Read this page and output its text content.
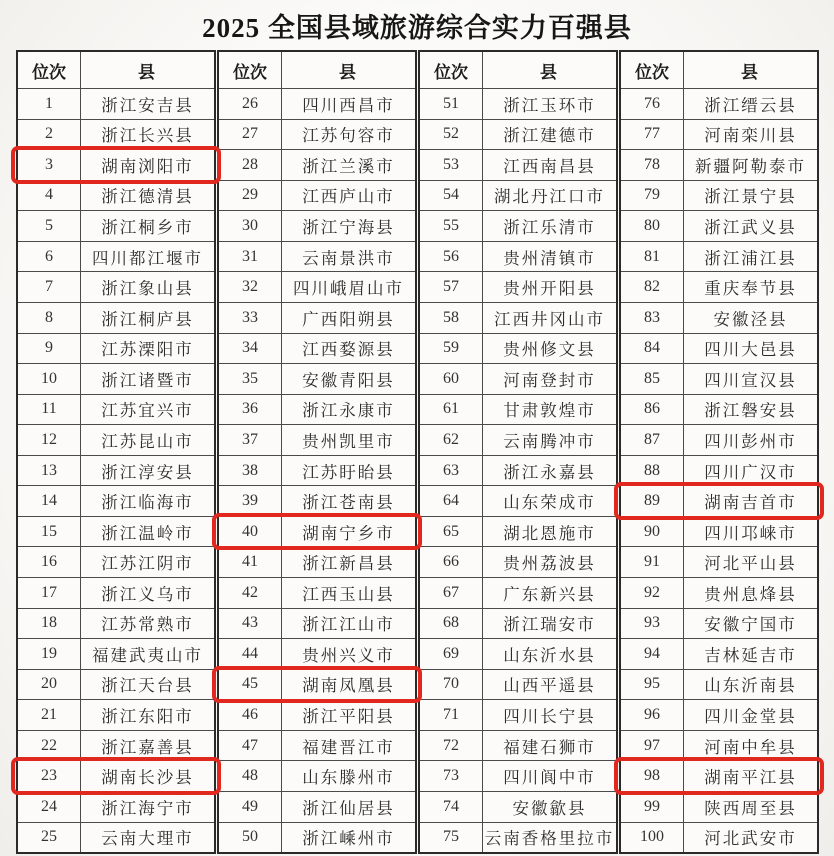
2025 全国县域旅游综合实力百强县
位次	县
1	浙江安吉县
2	浙江长兴县
3	湖南浏阳市
4	浙江德清县
5	浙江桐乡市
6	四川都江堰市
7	浙江象山县
8	浙江桐庐县
9	江苏溧阳市
10	浙江诸暨市
11	江苏宜兴市
12	江苏昆山市
13	浙江淳安县
14	浙江临海市
15	浙江温岭市
16	江苏江阴市
17	浙江义乌市
18	江苏常熟市
19	福建武夷山市
20	浙江天台县
21	浙江东阳市
22	浙江嘉善县
23	湖南长沙县
24	浙江海宁市
25	云南大理市
位次	县
26	四川西昌市
27	江苏句容市
28	浙江兰溪市
29	江西庐山市
30	浙江宁海县
31	云南景洪市
32	四川峨眉山市
33	广西阳朔县
34	江西婺源县
35	安徽青阳县
36	浙江永康市
37	贵州凯里市
38	江苏盱眙县
39	浙江苍南县
40	湖南宁乡市
41	浙江新昌县
42	江西玉山县
43	浙江江山市
44	贵州兴义市
45	湖南凤凰县
46	浙江平阳县
47	福建晋江市
48	山东滕州市
49	浙江仙居县
50	浙江嵊州市
位次	县
51	浙江玉环市
52	浙江建德市
53	江西南昌县
54	湖北丹江口市
55	浙江乐清市
56	贵州清镇市
57	贵州开阳县
58	江西井冈山市
59	贵州修文县
60	河南登封市
61	甘肃敦煌市
62	云南腾冲市
63	浙江永嘉县
64	山东荣成市
65	湖北恩施市
66	贵州荔波县
67	广东新兴县
68	浙江瑞安市
69	山东沂水县
70	山西平遥县
71	四川长宁县
72	福建石狮市
73	四川阆中市
74	安徽歙县
75	云南香格里拉市
位次	县
76	浙江缙云县
77	河南栾川县
78	新疆阿勒泰市
79	浙江景宁县
80	浙江武义县
81	浙江浦江县
82	重庆奉节县
83	安徽泾县
84	四川大邑县
85	四川宣汉县
86	浙江磐安县
87	四川彭州市
88	四川广汉市
89	湖南吉首市
90	四川邛崃市
91	河北平山县
92	贵州息烽县
93	安徽宁国市
94	吉林延吉市
95	山东沂南县
96	四川金堂县
97	河南中牟县
98	湖南平江县
99	陕西周至县
100	河北武安市
